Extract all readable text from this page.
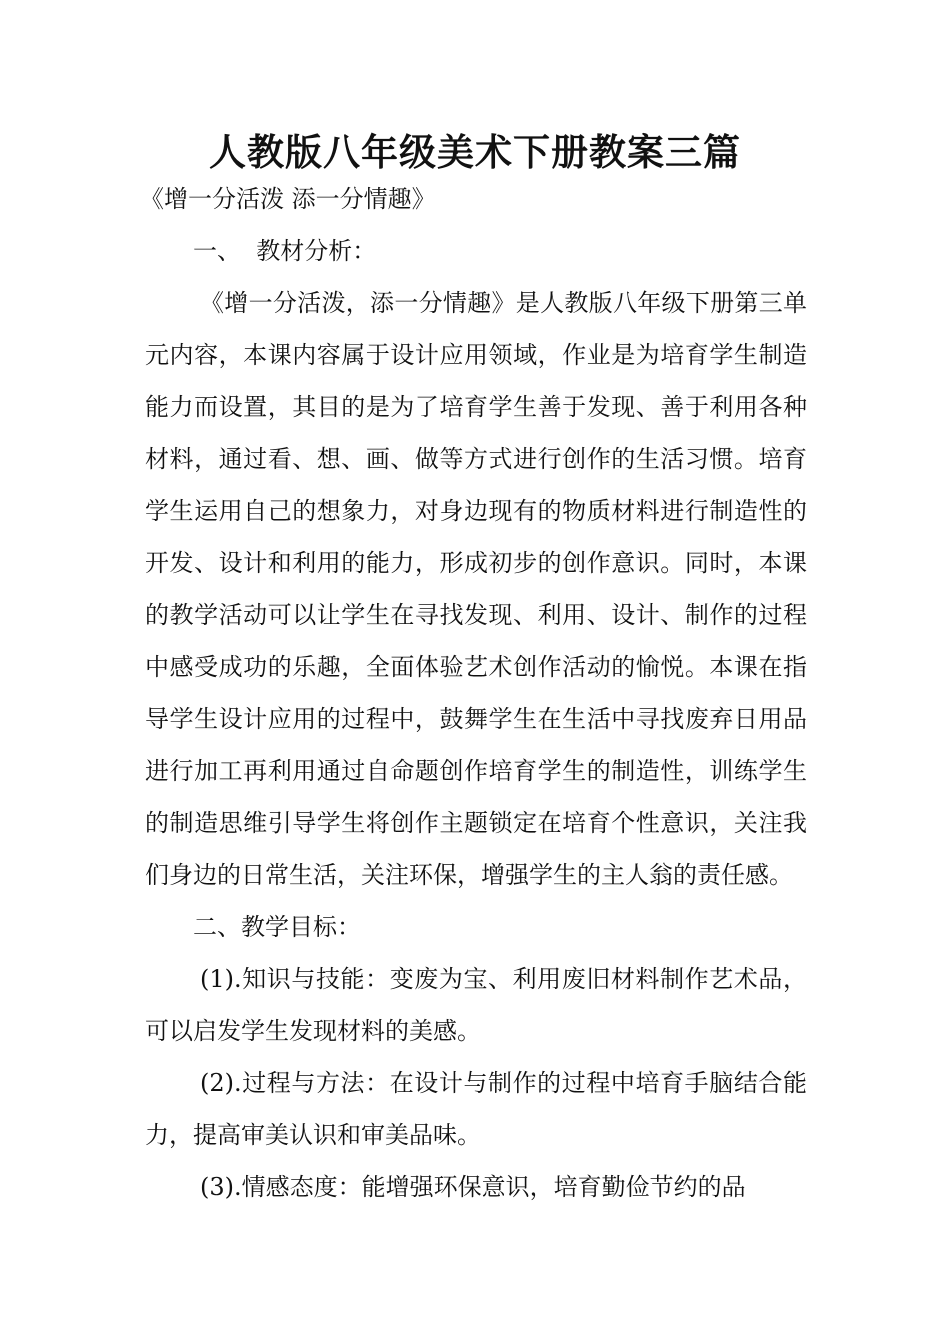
人教版八年级美术下册教案三篇
《增一分活泼 添一分情趣》

一、  教材分析：

《增一分活泼，添一分情趣》是人教版八年级下册第三单元内容，本课内容属于设计应用领域，作业是为培育学生制造能力而设置，其目的是为了培育学生善于发现、善于利用各种材料，通过看、想、画、做等方式进行创作的生活习惯。培育学生运用自己的想象力，对身边现有的物质材料进行制造性的开发、设计和利用的能力，形成初步的创作意识。同时，本课的教学活动可以让学生在寻找发现、利用、设计、制作的过程中感受成功的乐趣，全面体验艺术创作活动的愉悦。本课在指导学生设计应用的过程中，鼓舞学生在生活中寻找废弃日用品进行加工再利用通过自命题创作培育学生的制造性，训练学生的制造思维引导学生将创作主题锁定在培育个性意识，关注我们身边的日常生活，关注环保，增强学生的主人翁的责任感。

二、教学目标：

(1).知识与技能：变废为宝、利用废旧材料制作艺术品，可以启发学生发现材料的美感。

(2).过程与方法：在设计与制作的过程中培育手脑结合能力，提高审美认识和审美品味。

(3).情感态度：能增强环保意识，培育勤俭节约的品
